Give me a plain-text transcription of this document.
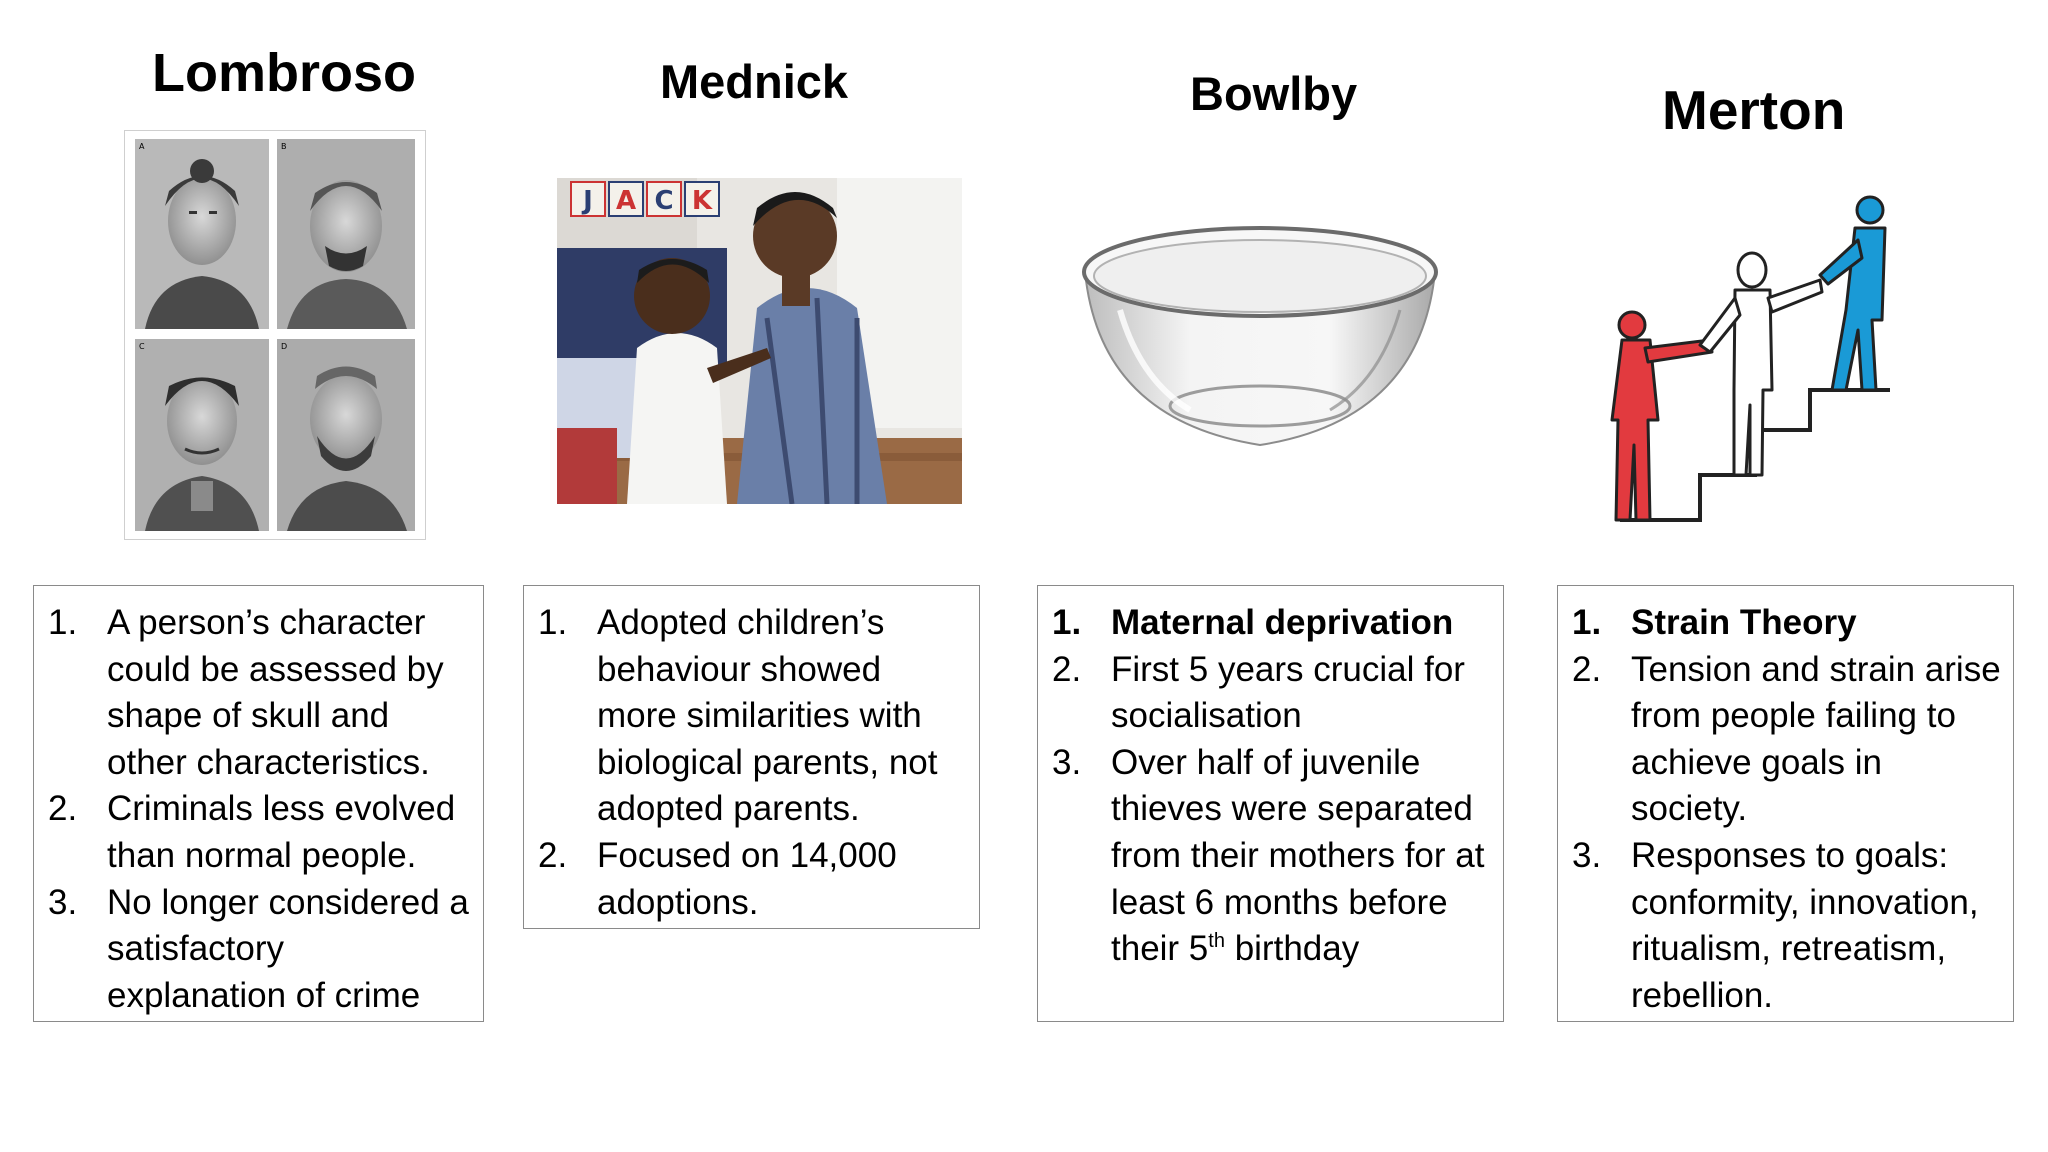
Lombroso	Mednick	Bowlby	Merton
A	B
C	D
J A C K
1. A person’s character could be assessed by shape of skull and other characteristics.
2. Criminals less evolved than normal people.
3. No longer considered a satisfactory explanation of crime
1. Adopted children’s behaviour showed more similarities with biological parents, not adopted parents.
2. Focused on 14,000 adoptions.
1. Maternal deprivation
2. First 5 years crucial for socialisation
3. Over half of juvenile thieves were separated from their mothers for at least 6 months before their 5th birthday
1. Strain Theory
2. Tension and strain arise from people failing to achieve goals in society.
3. Responses to goals: conformity, innovation, ritualism, retreatism, rebellion.
